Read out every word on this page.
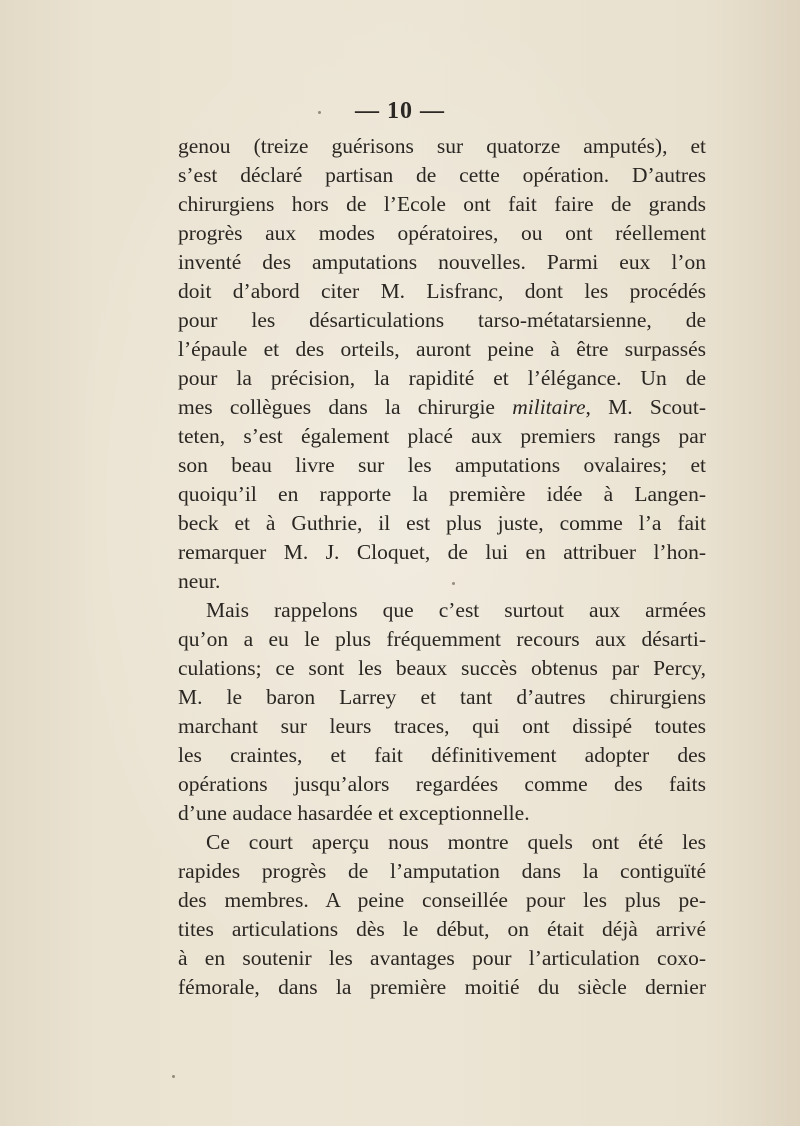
— 10 —
genou (treize guérisons sur quatorze amputés), et
s’est déclaré partisan de cette opération. D’autres
chirurgiens hors de l’Ecole ont fait faire de grands
progrès aux modes opératoires, ou ont réellement
inventé des amputations nouvelles. Parmi eux l’on
doit d’abord citer M. Lisfranc, dont les procédés
pour les désarticulations tarso-métatarsienne, de
l’épaule et des orteils, auront peine à être surpassés
pour la précision, la rapidité et l’élégance. Un de
mes collègues dans la chirurgie militaire, M. Scout-
teten, s’est également placé aux premiers rangs par
son beau livre sur les amputations ovalaires; et
quoiqu’il en rapporte la première idée à Langen-
beck et à Guthrie, il est plus juste, comme l’a fait
remarquer M. J. Cloquet, de lui en attribuer l’hon-
neur.
Mais rappelons que c’est surtout aux armées
qu’on a eu le plus fréquemment recours aux désarti-
culations; ce sont les beaux succès obtenus par Percy,
M. le baron Larrey et tant d’autres chirurgiens
marchant sur leurs traces, qui ont dissipé toutes
les craintes, et fait définitivement adopter des
opérations jusqu’alors regardées comme des faits
d’une audace hasardée et exceptionnelle.
Ce court aperçu nous montre quels ont été les
rapides progrès de l’amputation dans la contiguïté
des membres. A peine conseillée pour les plus pe-
tites articulations dès le début, on était déjà arrivé
à en soutenir les avantages pour l’articulation coxo-
fémorale, dans la première moitié du siècle dernier
